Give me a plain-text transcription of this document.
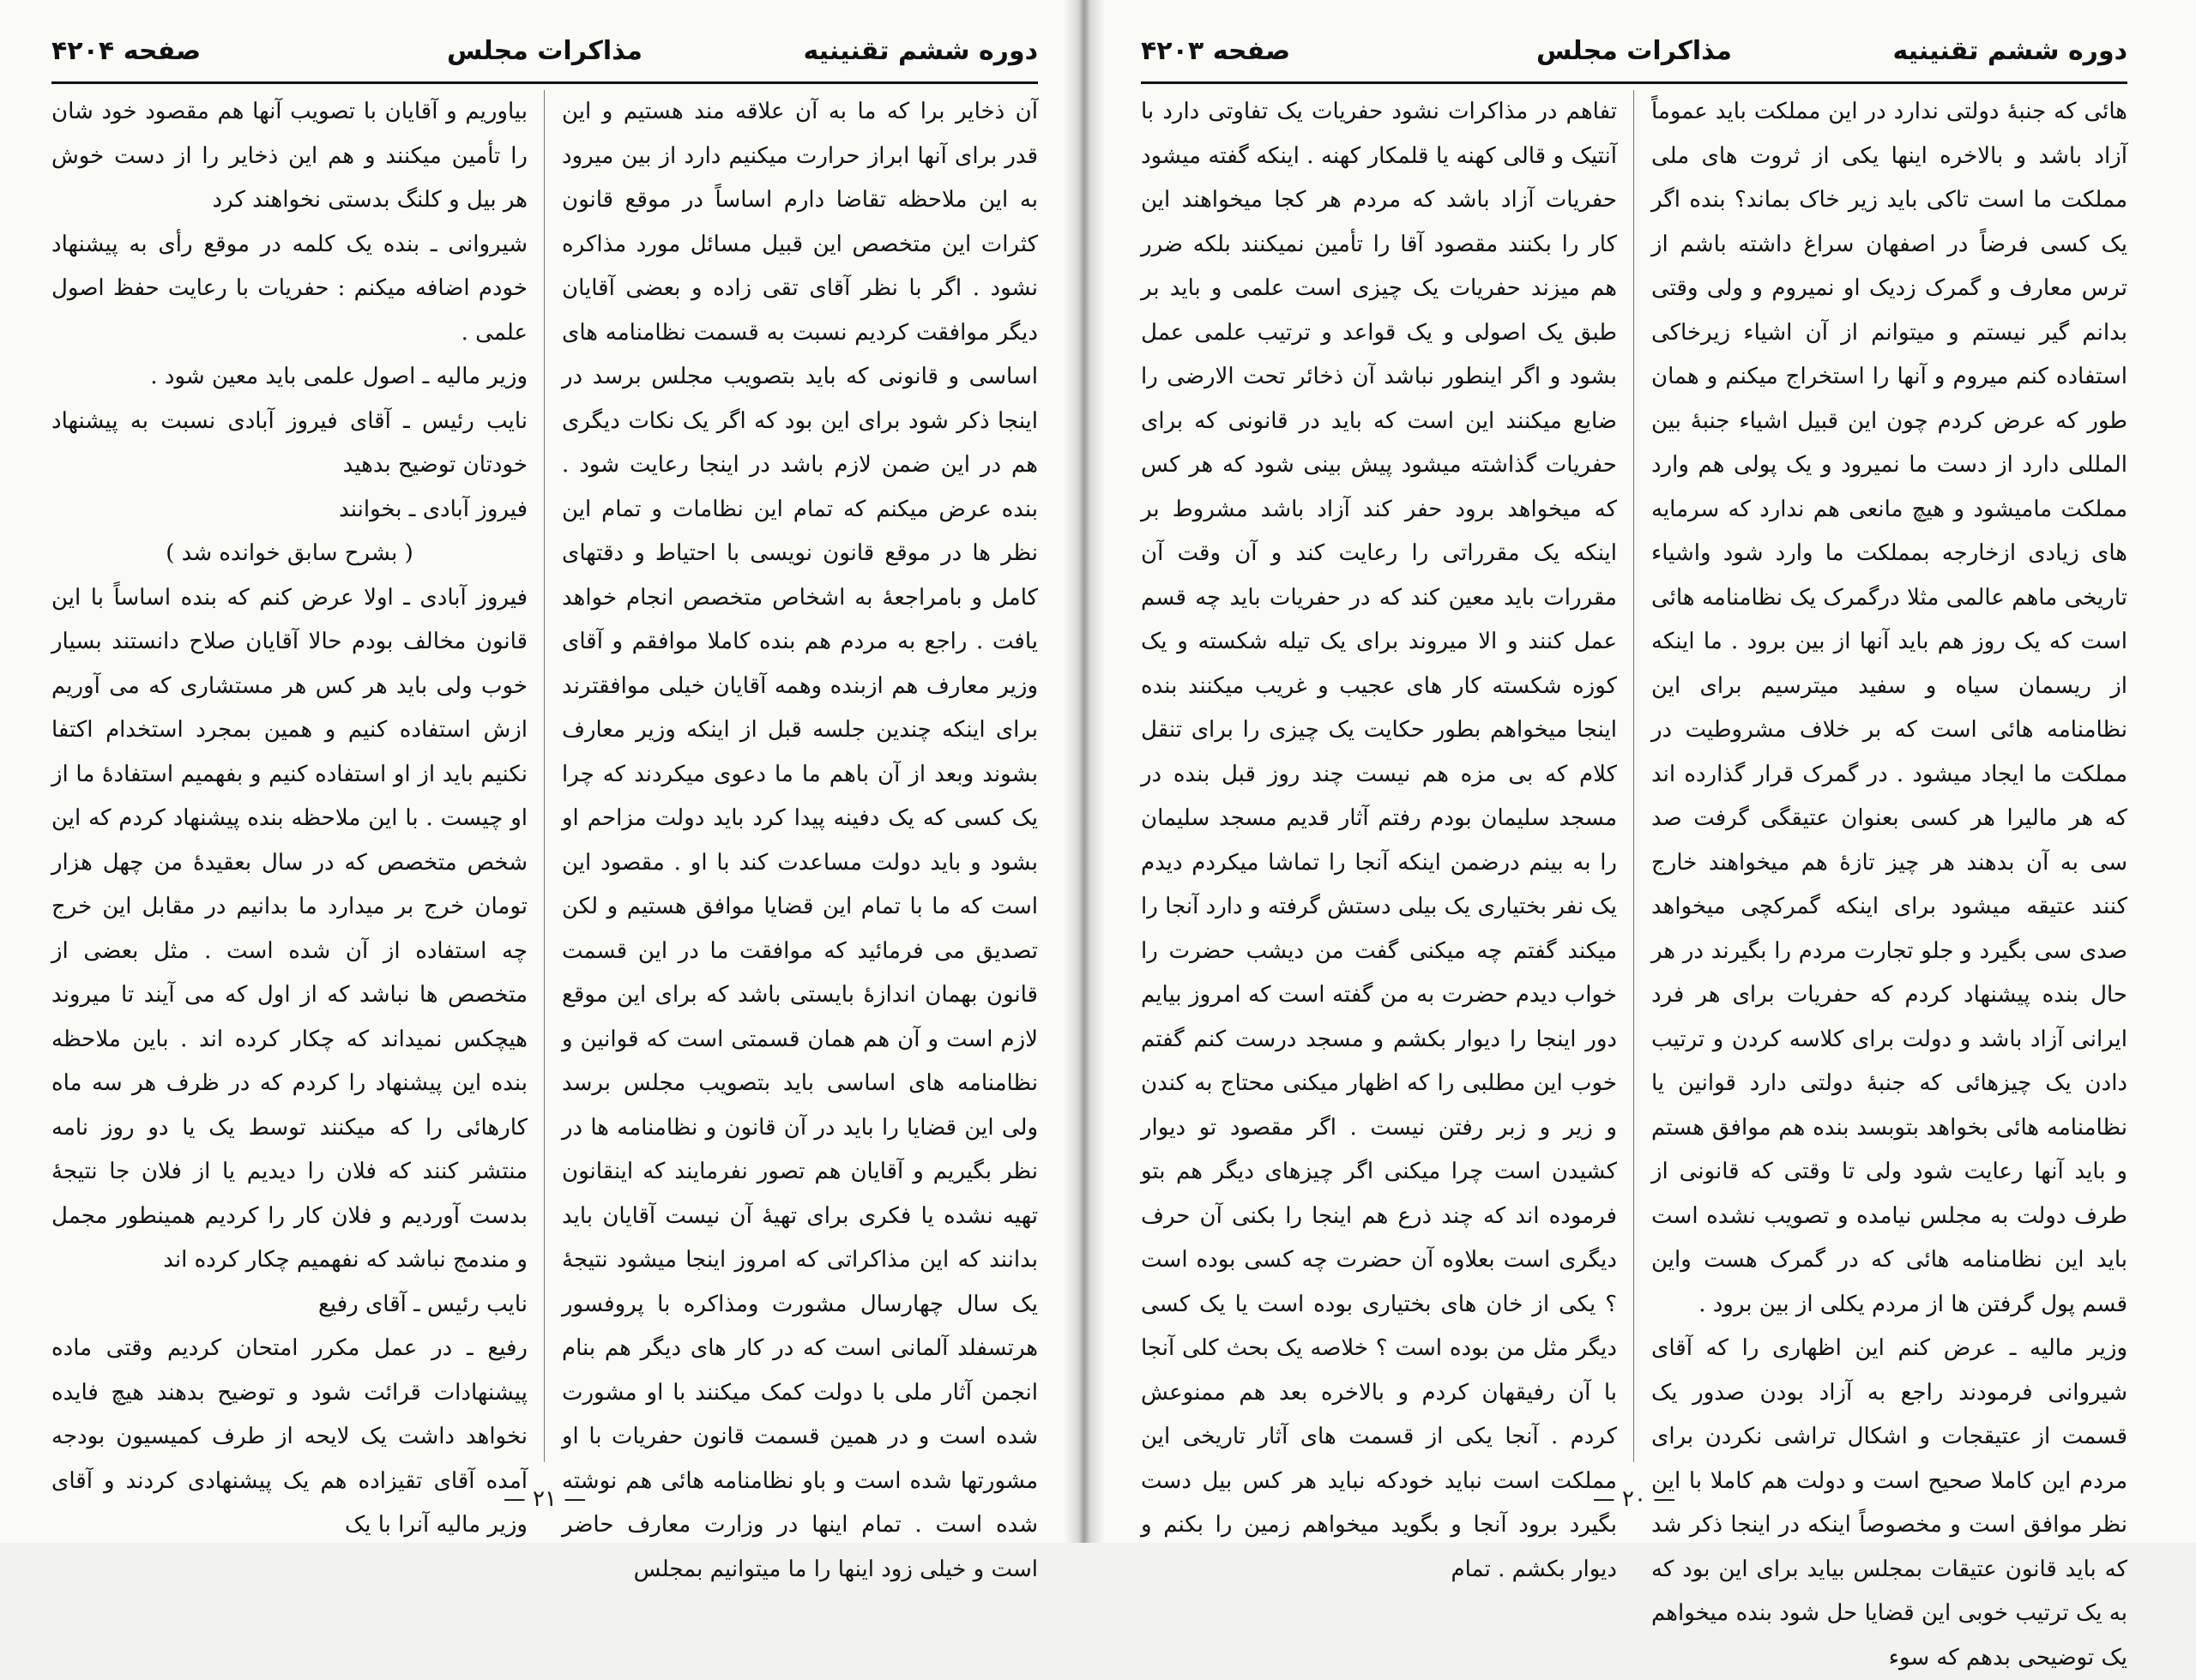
دوره ششم تقنینیه
مذاکرات مجلس
صفحه ۴۲۰۴

آن ذخایر برا که ما به آن علاقه مند هستیم و این قدر برای آنها ابراز حرارت میکنیم دارد از بین میرود به این ملاحظه تقاضا دارم اساساً در موقع قانون کثرات این متخصص این قبیل مسائل مورد مذاکره نشود . اگر با نظر آقای تقی زاده و بعضی آقایان دیگر موافقت کردیم نسبت به قسمت نظامنامه های اساسی و قانونی که باید بتصویب مجلس برسد در اینجا ذکر شود برای این بود که اگر یک نکات دیگری هم در این ضمن لازم باشد در اینجا رعایت شود . بنده عرض میکنم که تمام این نظامات و تمام این نظر ها در موقع قانون نویسی با احتیاط و دقتهای کامل و بامراجعهٔ به اشخاص متخصص انجام خواهد یافت . راجع به مردم هم بنده کاملا موافقم و آقای وزیر معارف هم ازبنده وهمه آقایان خیلی موافقترند برای اینکه چندین جلسه قبل از اینکه وزیر معارف بشوند وبعد از آن باهم ما ما دعوی میکردند که چرا یک کسی که یک دفینه پیدا کرد باید دولت مزاحم او بشود و باید دولت مساعدت کند با او . مقصود این است که ما با تمام این قضایا موافق هستیم و لکن تصدیق می فرمائید که موافقت ما در این قسمت قانون بهمان اندازهٔ بایستی باشد که برای این موقع لازم است و آن هم همان قسمتی است که قوانین و نظامنامه های اساسی باید بتصویب مجلس برسد ولی این قضایا را باید در آن قانون و نظامنامه ها در نظر بگیریم و آقایان هم تصور نفرمایند که اینقانون تهیه نشده یا فکری برای تهیهٔ آن نیست آقایان باید بدانند که این مذاکراتی که امروز اینجا میشود نتیجهٔ یک سال چهارسال مشورت ومذاکره با پروفسور هرتسفلد آلمانی است که در کار های دیگر هم بنام انجمن آثار ملی با دولت کمک میکنند با او مشورت شده است و در همین قسمت قانون حفریات با او مشورتها شده است و باو نظامنامه هائی هم نوشته شده است . تمام اینها در وزارت معارف حاضر است و خیلی زود اینها را ما میتوانیم بمجلس

بیاوریم و آقایان با تصویب آنها هم مقصود خود شان را تأمین میکنند و هم این ذخایر را از دست خوش هر بیل و کلنگ بدستی نخواهند کرد

شیروانی ـ بنده یک کلمه در موقع رأی به پیشنهاد خودم اضافه میکنم : حفریات با رعایت حفظ اصول علمی .

وزیر مالیه ـ اصول علمی باید معین شود .

نایب رئیس ـ آقای فیروز آبادی نسبت به پیشنهاد خودتان توضیح بدهید

فیروز آبادی ـ بخوانند

( بشرح سابق خوانده شد )

فیروز آبادی ـ اولا عرض کنم که بنده اساساً با این قانون مخالف بودم حالا آقایان صلاح دانستند بسیار خوب ولی باید هر کس هر مستشاری که می آوریم ازش استفاده کنیم و همین بمجرد استخدام اکتفا نکنیم باید از او استفاده کنیم و بفهمیم استفادهٔ ما از او چیست . با این ملاحظه بنده پیشنهاد کردم که این شخص متخصص که در سال بعقیدهٔ من چهل هزار تومان خرج بر میدارد ما بدانیم در مقابل این خرج چه استفاده از آن شده است . مثل بعضی از متخصص ها نباشد که از اول که می آیند تا میروند هیچکس نمیداند که چکار کرده اند . باین ملاحظه بنده این پیشنهاد را کردم که در ظرف هر سه ماه کارهائی را که میکنند توسط یک یا دو روز نامه منتشر کنند که فلان را دیدیم یا از فلان جا نتیجهٔ بدست آوردیم و فلان کار را کردیم همینطور مجمل و مندمج نباشد که نفهمیم چکار کرده اند

نایب رئیس ـ آقای رفیع

رفیع ـ در عمل مکرر امتحان کردیم وقتی ماده پیشنهادات قرائت شود و توضیح بدهند هیچ فایده نخواهد داشت یک لایحه از طرف کمیسیون بودجه آمده آقای تقیزاده هم یک پیشنهادی کردند و آقای وزیر مالیه آنرا با یک

— ۲۱ —
دوره ششم تقنینیه
مذاکرات مجلس
صفحه ۴۲۰۳

هائی که جنبهٔ دولتی ندارد در این مملکت باید عموماً آزاد باشد و بالاخره اینها یکی از ثروت های ملی مملکت ما است تاکی باید زیر خاک بماند؟ بنده اگر یک کسی فرضاً در اصفهان سراغ داشته باشم از ترس معارف و گمرک زدیک او نمیروم و ولی وقتی بدانم گیر نیستم و میتوانم از آن اشیاء زیرخاکی استفاده کنم میروم و آنها را استخراج میکنم و همان طور که عرض کردم چون این قبیل اشیاء جنبهٔ بین المللی دارد از دست ما نمیرود و یک پولی هم وارد مملکت مامیشود و هیچ مانعی هم ندارد که سرمایه های زیادی ازخارجه بمملکت ما وارد شود واشیاء تاریخی ماهم عالمی مثلا درگمرک یک نظامنامه هائی است که یک روز هم باید آنها از بین برود . ما اینکه از ریسمان سیاه و سفید میترسیم برای این نظامنامه هائی است که بر خلاف مشروطیت در مملکت ما ایجاد میشود . در گمرک قرار گذارده اند که هر مالیرا هر کسی بعنوان عتیقگی گرفت صد سی به آن بدهند هر چیز تازهٔ هم میخواهند خارج کنند عتیقه میشود برای اینکه گمرکچی میخواهد صدی سی بگیرد و جلو تجارت مردم را بگیرند در هر حال بنده پیشنهاد کردم که حفریات برای هر فرد ایرانی آزاد باشد و دولت برای کلاسه کردن و ترتیب دادن یک چیزهائی که جنبهٔ دولتی دارد قوانین یا نظامنامه هائی بخواهد بتوبسد بنده هم موافق هستم و باید آنها رعایت شود ولی تا وقتی که قانونی از طرف دولت به مجلس نیامده و تصویب نشده است باید این نظامنامه هائی که در گمرک هست واین قسم پول گرفتن ها از مردم یکلی از بین برود .

وزیر مالیه ـ عرض کنم این اظهاری را که آقای شیروانی فرمودند راجع به آزاد بودن صدور یک قسمت از عتیقجات و اشکال تراشی نکردن برای مردم این کاملا صحیح است و دولت هم کاملا با این نظر موافق است و مخصوصاً اینکه در اینجا ذکر شد که باید قانون عتیقات بمجلس بیاید برای این بود که به یک ترتیب خوبی این قضایا حل شود بنده میخواهم یک توضیحی بدهم که سوء

تفاهم در مذاکرات نشود حفریات یک تفاوتی دارد با آنتیک و قالی کهنه یا قلمکار کهنه . اینکه گفته میشود حفریات آزاد باشد که مردم هر کجا میخواهند این کار را بکنند مقصود آقا را تأمین نمیکنند بلکه ضرر هم میزند حفریات یک چیزی است علمی و باید بر طبق یک اصولی و یک قواعد و ترتیب علمی عمل بشود و اگر اینطور نباشد آن ذخائر تحت الارضی را ضایع میکنند این است که باید در قانونی که برای حفریات گذاشته میشود پیش بینی شود که هر کس که میخواهد برود حفر کند آزاد باشد مشروط بر اینکه یک مقرراتی را رعایت کند و آن وقت آن مقررات باید معین کند که در حفریات باید چه قسم عمل کنند و الا میروند برای یک تیله شکسته و یک کوزه شکسته کار های عجیب و غریب میکنند بنده اینجا میخواهم بطور حکایت یک چیزی را برای تنقل کلام که بی مزه هم نیست چند روز قبل بنده در مسجد سلیمان بودم رفتم آثار قدیم مسجد سلیمان را به بینم درضمن اینکه آنجا را تماشا میکردم دیدم یک نفر بختیاری یک بیلی دستش گرفته و دارد آنجا را میکند گفتم چه میکنی گفت من دیشب حضرت را خواب دیدم حضرت به من گفته است که امروز بیایم دور اینجا را دیوار بکشم و مسجد درست کنم گفتم خوب این مطلبی را که اظهار میکنی محتاج به کندن و زیر و زبر رفتن نیست . اگر مقصود تو دیوار کشیدن است چرا میکنی اگر چیزهای دیگر هم بتو فرموده اند که چند ذرع هم اینجا را بکنی آن حرف دیگری است بعلاوه آن حضرت چه کسی بوده است ؟ یکی از خان های بختیاری بوده است یا یک کسی دیگر مثل من بوده است ؟ خلاصه یک بحث کلی آنجا با آن رفیقهان کردم و بالاخره بعد هم ممنوعش کردم . آنجا یکی از قسمت های آثار تاریخی این مملکت است نباید خودکه نباید هر کس بیل دست بگیرد برود آنجا و بگوید میخواهم زمین را بکنم و دیوار بکشم . تمام

— ۲۰ —
